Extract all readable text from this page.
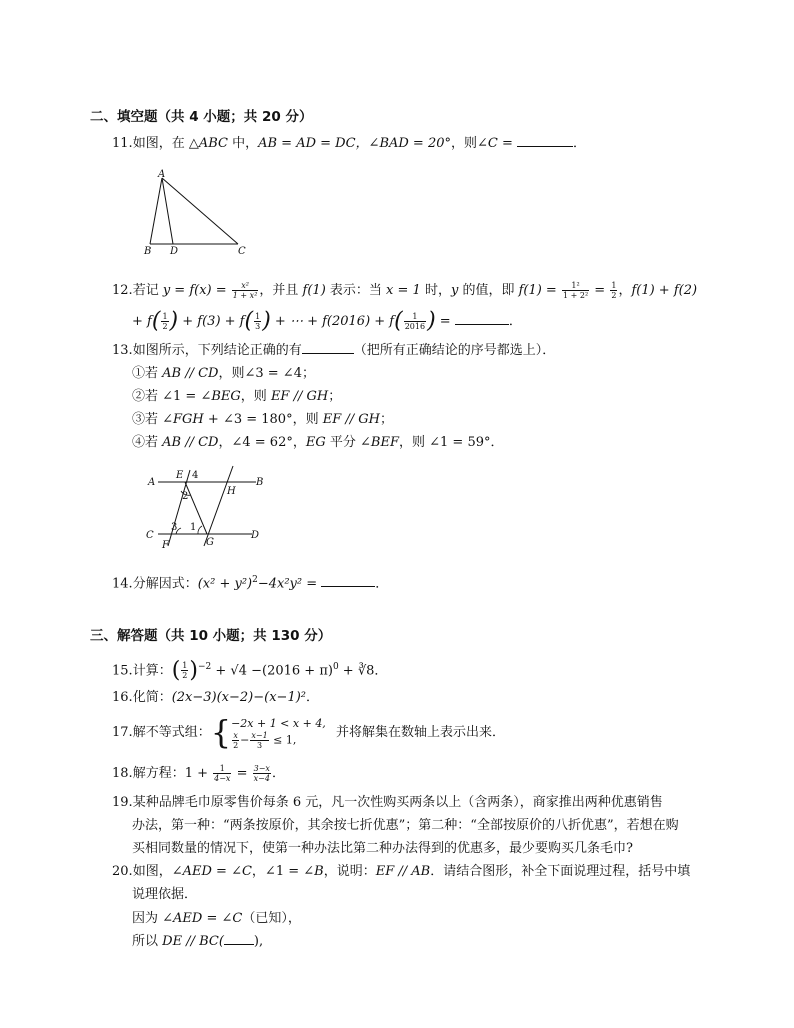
二、填空题（共 4 小题；共 20 分）
11.如图，在 △ABC 中，AB = AD = DC，∠BAD = 20°，则∠C =	．
A
B D	C
12.若记 $y = f(x) = \frac{\text{x²}}{\text{1 + x²}}$ ，并且 f(1) 表示：当 x = 1 时，y 的值，即 $f(1) = \frac{\text{1²}}{\text{1 + 2²}} = \frac{1}{2}$ ，f(1) + f(2)
+ $f( \frac{1}{2}$ ) + $f(3) + f( \frac{1}{3}$ ) + ⋯ + $f(2016) + f( \frac{1}{2016}$ ) =	．
13.如图所示，下列结论正确的有	（把所有正确结论的序号都选上）．
①若 AB // CD，则∠3 = ∠4；
②若 ∠1 = ∠BEG，则 EF // GH；
③若 ∠FGH + ∠3 = 180°，则 EF // GH；
④若 AB // CD，∠4 = 62°，EG 平分 ∠BEF，则 ∠1 = 59°．
A	B
C	D
E
F	G
H
4
2
3 1
14.分解因式：$(x^2 + y^2)^2-4x^2y^2$ =	．
三、解答题（共 10 小题；共 130 分）
15.计算：( $\frac{1}{2} )^{-2} + √4 -(2016 + \pi)^0$ + ∛8．
16.化简：(2x−3)(x−2)−(x−1)²．
17.解不等式组：{ −2x + 1 < x + 4,
$\frac{x}{2} - \frac{x-1}{3} \le 1$,	并将解集在数轴上表示出来．
18.解方程：$1 + \frac{1}{4-x} = \frac{3-x}{x-4}$ ．
19.某种品牌毛巾原零售价每条 6 元，凡一次性购买两条以上（含两条），商家推出两种优惠销售
办法，第一种：“两条按原价，其余按七折优惠”；第二种：“全部按原价的八折优惠”，若想在购
买相同数量的情况下，使第一种办法比第二种办法得到的优惠多，最少要购买几条毛巾?
20.如图，∠AED = ∠C，∠1 = ∠B，说明：EF // AB．请结合图形，补全下面说理过程，括号中填
说理依据．
因为 ∠AED = ∠C（已知），
所以 DE // BC( ),
